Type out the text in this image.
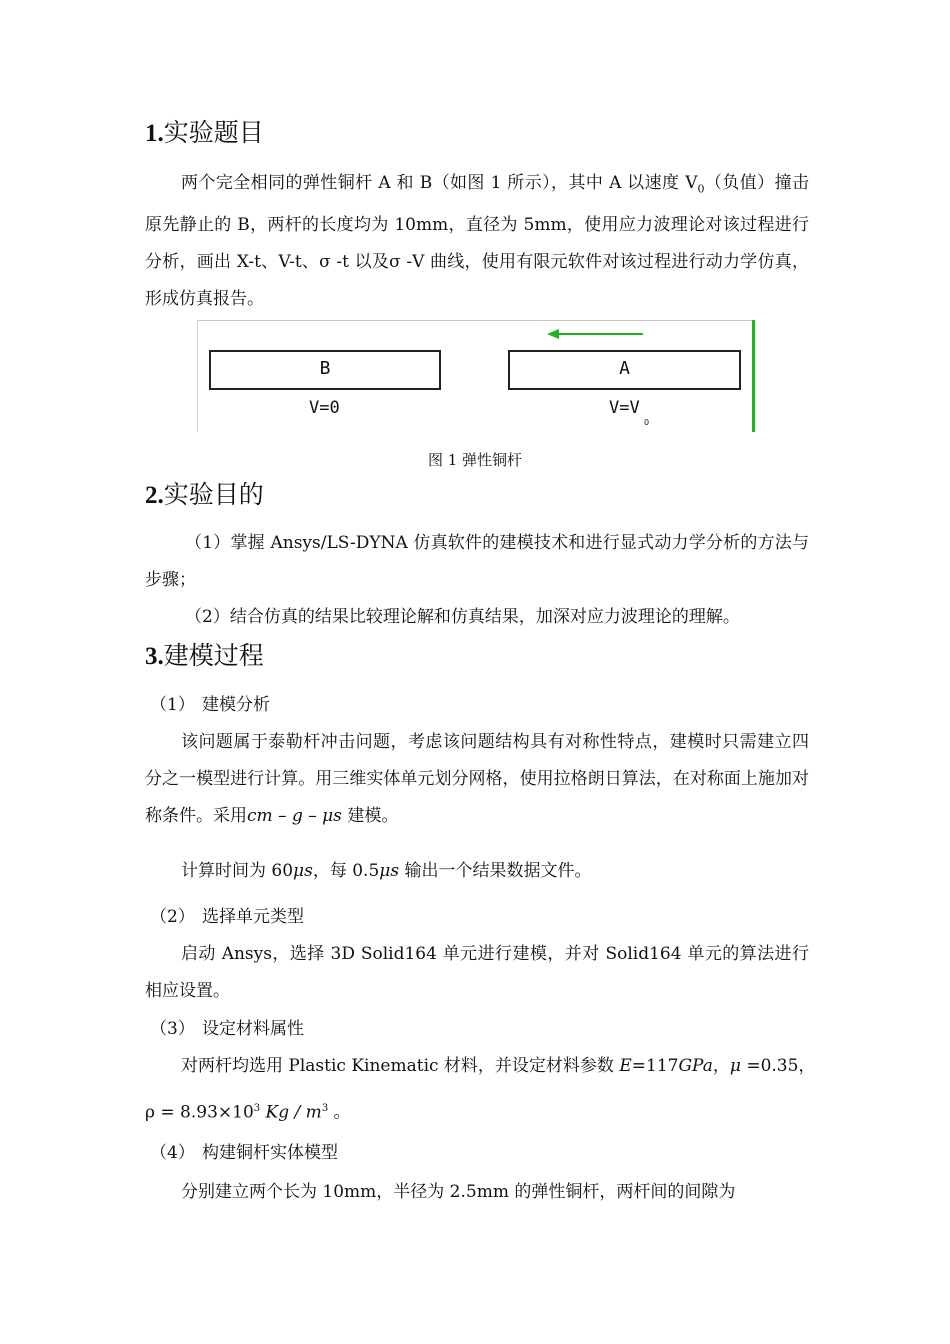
1.实验题目
两个完全相同的弹性铜杆 A 和 B（如图 1 所示），其中 A 以速度 $V_0$（负值）撞击原先静止的 B，两杆的长度均为 10mm，直径为 5mm，使用应力波理论对该过程进行分析，画出 X-t、V-t、σ -t 以及σ -V 曲线，使用有限元软件对该过程进行动力学仿真，形成仿真报告。
B	A
V=0	V=V
0
图 1 弹性铜杆
2.实验目的
（1）掌握 Ansys/LS-DYNA 仿真软件的建模技术和进行显式动力学分析的方法与步骤；
（2）结合仿真的结果比较理论解和仿真结果，加深对应力波理论的理解。
3.建模过程
（1） 建模分析
该问题属于泰勒杆冲击问题，考虑该问题结构具有对称性特点，建模时只需建立四分之一模型进行计算。用三维实体单元划分网格，使用拉格朗日算法，在对称面上施加对称条件。采用cm – g – μs 建模。
计算时间为 60μs，每 0.5μs 输出一个结果数据文件。
（2） 选择单元类型
启动 Ansys，选择 3D Solid164 单元进行建模，并对 Solid164 单元的算法进行相应设置。
（3） 设定材料属性
对两杆均选用 Plastic Kinematic 材料，并设定材料参数 E=117GPa，μ =0.35，
$\rho = 8.93\times 10^3$ Kg / $m^3$ 。
（4） 构建铜杆实体模型
分别建立两个长为 10mm，半径为 2.5mm 的弹性铜杆，两杆间的间隙为
